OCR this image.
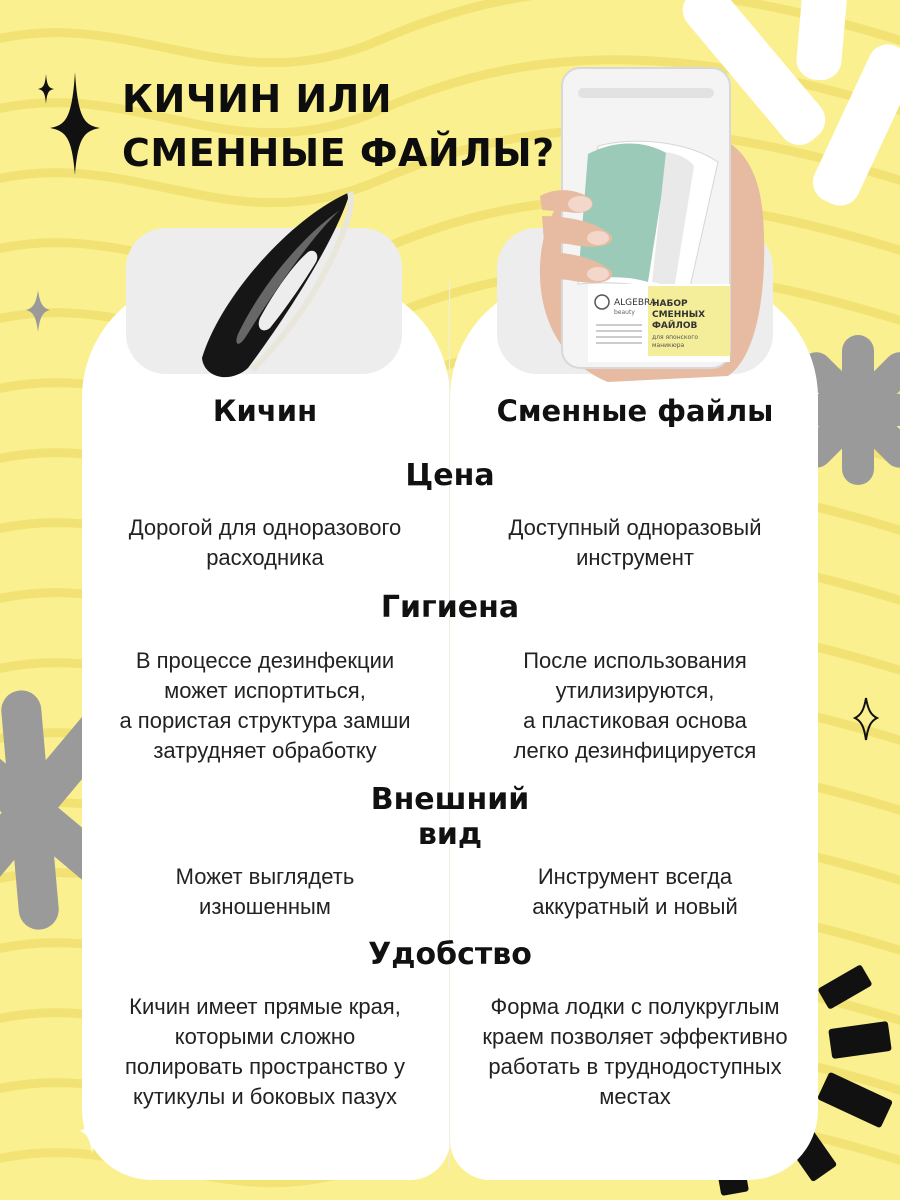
ALGEBRA
beauty
НАБОР
СМЕННЫХ
ФАЙЛОВ
для японского
маникюра
КИЧИН ИЛИ
СМЕННЫЕ ФАЙЛЫ?
Кичин	Сменные файлы
Цена
Дорогой для одноразового
расходника
Доступный одноразовый
инструмент
Гигиена
В процессе дезинфекции
может испортиться,
а пористая структура замши
затрудняет обработку
После использования
утилизируются,
а пластиковая основа
легко дезинфицируется
Внешний
вид
Может выглядеть
изношенным
Инструмент всегда
аккуратный и новый
Удобство
Кичин имеет прямые края,
которыми сложно
полировать пространство у
кутикулы и боковых пазух
Форма лодки с полукруглым
краем позволяет эффективно
работать в труднодоступных
местах
